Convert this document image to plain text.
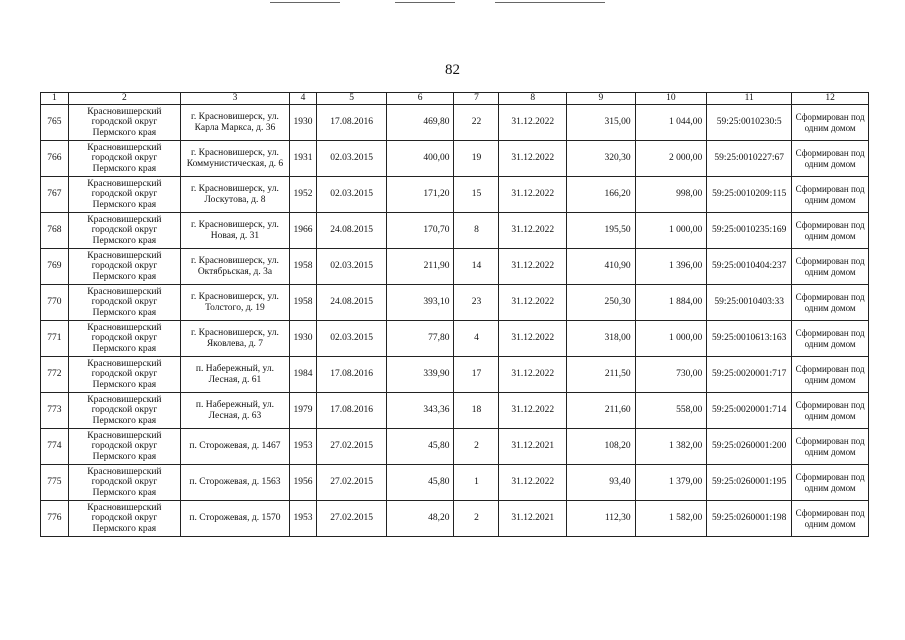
82
1	2	3	4	5	6	7	8	9	10	11	12
765	Красновишерский городской округ Пермского края	г. Красновишерск, ул. Карла Маркса, д. 36	1930	17.08.2016	469,80	22	31.12.2022	315,00	1 044,00	59:25:0010230:5	Сформирован под одним домом
766	Красновишерский городской округ Пермского края	г. Красновишерск, ул. Коммунистическая, д. 6	1931	02.03.2015	400,00	19	31.12.2022	320,30	2 000,00	59:25:0010227:67	Сформирован под одним домом
767	Красновишерский городской округ Пермского края	г. Красновишерск, ул. Лоскутова, д. 8	1952	02.03.2015	171,20	15	31.12.2022	166,20	998,00	59:25:0010209:115	Сформирован под одним домом
768	Красновишерский городской округ Пермского края	г. Красновишерск, ул. Новая, д. 31	1966	24.08.2015	170,70	8	31.12.2022	195,50	1 000,00	59:25:0010235:169	Сформирован под одним домом
769	Красновишерский городской округ Пермского края	г. Красновишерск, ул. Октябрьская, д. 3а	1958	02.03.2015	211,90	14	31.12.2022	410,90	1 396,00	59:25:0010404:237	Сформирован под одним домом
770	Красновишерский городской округ Пермского края	г. Красновишерск, ул. Толстого, д. 19	1958	24.08.2015	393,10	23	31.12.2022	250,30	1 884,00	59:25:0010403:33	Сформирован под одним домом
771	Красновишерский городской округ Пермского края	г. Красновишерск, ул. Яковлева, д. 7	1930	02.03.2015	77,80	4	31.12.2022	318,00	1 000,00	59:25:0010613:163	Сформирован под одним домом
772	Красновишерский городской округ Пермского края	п. Набережный, ул. Лесная, д. 61	1984	17.08.2016	339,90	17	31.12.2022	211,50	730,00	59:25:0020001:717	Сформирован под одним домом
773	Красновишерский городской округ Пермского края	п. Набережный, ул. Лесная, д. 63	1979	17.08.2016	343,36	18	31.12.2022	211,60	558,00	59:25:0020001:714	Сформирован под одним домом
774	Красновишерский городской округ Пермского края	п. Сторожевая, д. 1467	1953	27.02.2015	45,80	2	31.12.2021	108,20	1 382,00	59:25:0260001:200	Сформирован под одним домом
775	Красновишерский городской округ Пермского края	п. Сторожевая, д. 1563	1956	27.02.2015	45,80	1	31.12.2022	93,40	1 379,00	59:25:0260001:195	Сформирован под одним домом
776	Красновишерский городской округ Пермского края	п. Сторожевая, д. 1570	1953	27.02.2015	48,20	2	31.12.2021	112,30	1 582,00	59:25:0260001:198	Сформирован под одним домом
